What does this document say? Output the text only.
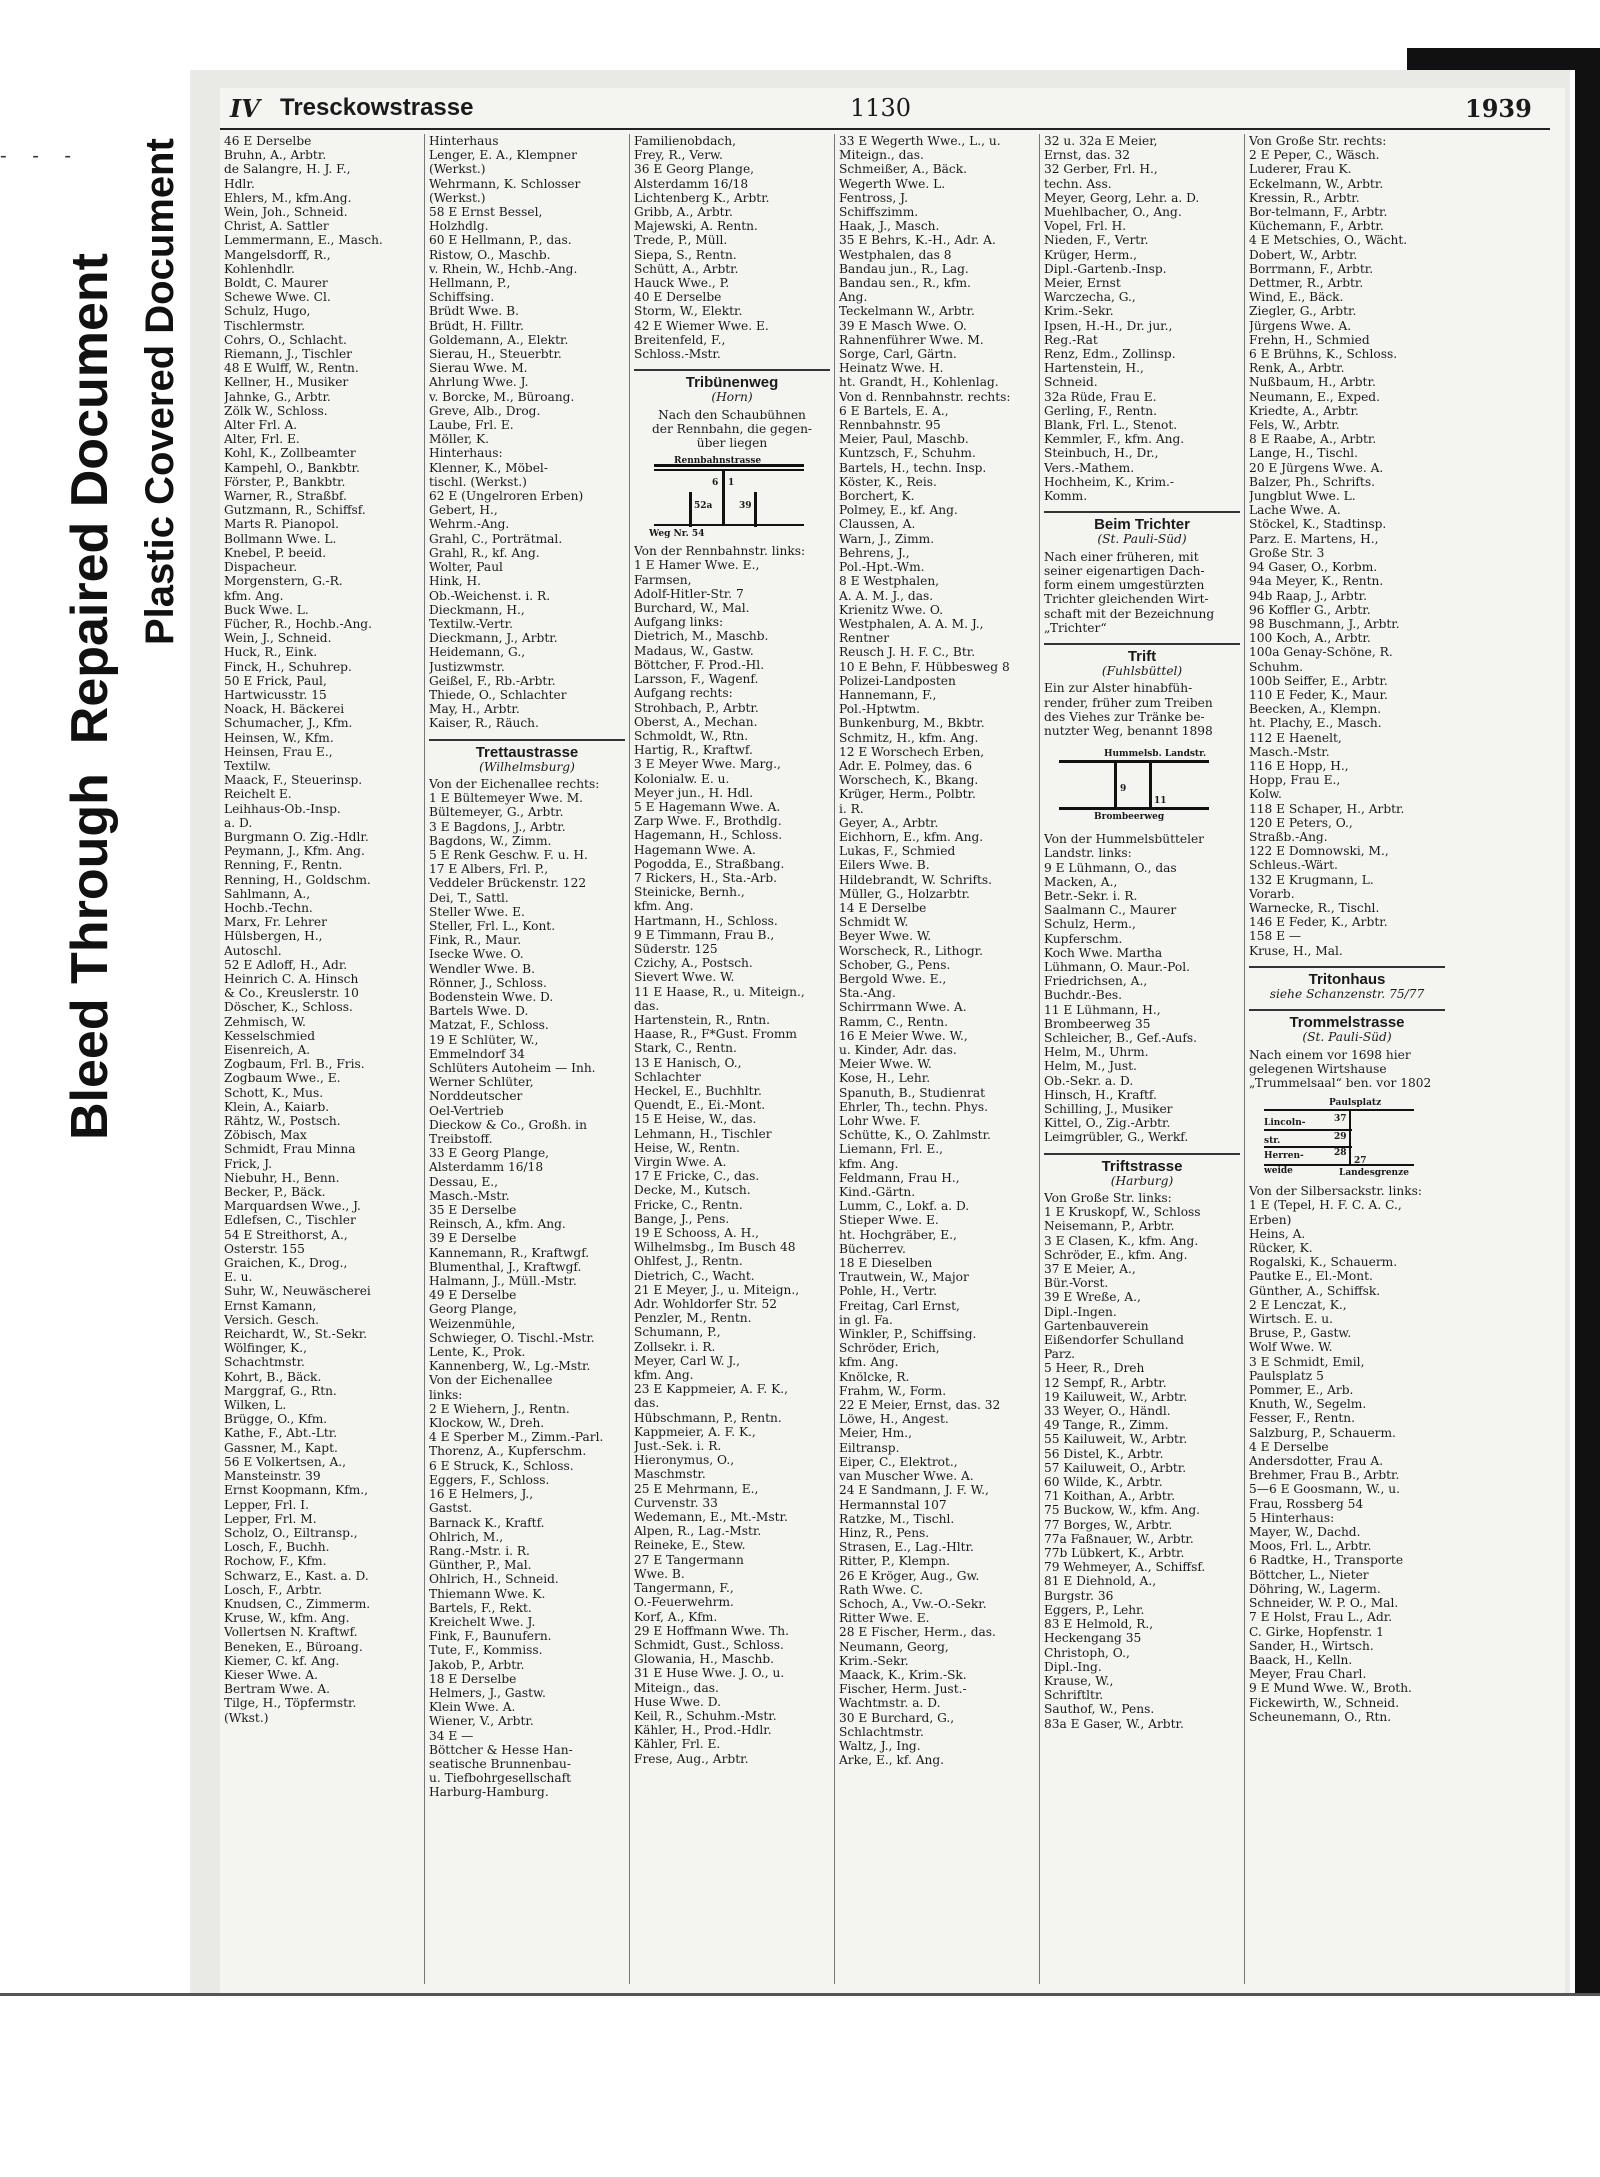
- - -
Bleed Through  Repaired Document Plastic Covered Document
IV Tresckowstrasse	1130	1939
46 E Derselbe
Bruhn, A., Arbtr.
de Salangre, H. J. F.,
Hdlr.
Ehlers, M., kfm.Ang.
Wein, Joh., Schneid.
Christ, A. Sattler
Lemmermann, E., Masch.
Mangelsdorff, R.,
Kohlenhdlr.
Boldt, C. Maurer
Schewe Wwe. Cl.
Schulz, Hugo,
Tischlermstr.
Cohrs, O., Schlacht.
Riemann, J., Tischler
48 E Wulff, W., Rentn.
Kellner, H., Musiker
Jahnke, G., Arbtr.
Zölk W., Schloss.
Alter Frl. A.
Alter, Frl. E.
Kohl, K., Zollbeamter
Kampehl, O., Bankbtr.
Förster, P., Bankbtr.
Warner, R., Straßbf.
Gutzmann, R., Schiffsf.
Marts R. Pianopol.
Bollmann Wwe. L.
Knebel, P. beeid.
Dispacheur.
Morgenstern, G.-R.
kfm. Ang.
Buck Wwe. L.
Fücher, R., Hochb.-Ang.
Wein, J., Schneid.
Huck, R., Eink.
Finck, H., Schuhrep.
50 E Frick, Paul,
Hartwicusstr. 15
Noack, H. Bäckerei
Schumacher, J., Kfm.
Heinsen, W., Kfm.
Heinsen, Frau E.,
Textilw.
Maack, F., Steuerinsp.
Reichelt E.
Leihhaus-Ob.-Insp.
a. D.
Burgmann O. Zig.-Hdlr.
Peymann, J., Kfm. Ang.
Renning, F., Rentn.
Renning, H., Goldschm.
Sahlmann, A.,
Hochb.-Techn.
Marx, Fr. Lehrer
Hülsbergen, H.,
Autoschl.
52 E Adloff, H., Adr.
Heinrich C. A. Hinsch
& Co., Kreuslerstr. 10
Döscher, K., Schloss.
Zehmisch, W.
Kesselschmied
Eisenreich, A.
Zogbaum, Frl. B., Fris.
Zogbaum Wwe., E.
Schott, K., Mus.
Klein, A., Kaiarb.
Rähtz, W., Postsch.
Zöbisch, Max
Schmidt, Frau Minna
Frick, J.
Niebuhr, H., Benn.
Becker, P., Bäck.
Marquardsen Wwe., J.
Edlefsen, C., Tischler
54 E Streithorst, A.,
Osterstr. 155
Graichen, K., Drog.,
E. u.
Suhr, W., Neuwäscherei
Ernst Kamann,
Versich. Gesch.
Reichardt, W., St.-Sekr.
Wölfinger, K.,
Schachtmstr.
Kohrt, B., Bäck.
Marggraf, G., Rtn.
Wilken, L.
Brügge, O., Kfm.
Kathe, F., Abt.-Ltr.
Gassner, M., Kapt.
56 E Volkertsen, A.,
Mansteinstr. 39
Ernst Koopmann, Kfm.,
Lepper, Frl. I.
Lepper, Frl. M.
Scholz, O., Eiltransp.,
Losch, F., Buchh.
Rochow, F., Kfm.
Schwarz, E., Kast. a. D.
Losch, F., Arbtr.
Knudsen, C., Zimmerm.
Kruse, W., kfm. Ang.
Vollertsen N. Kraftwf.
Beneken, E., Büroang.
Kiemer, C. kf. Ang.
Kieser Wwe. A.
Bertram Wwe. A.
Tilge, H., Töpfermstr.
(Wkst.)
Hinterhaus
Lenger, E. A., Klempner
(Werkst.)
Wehrmann, K. Schlosser
(Werkst.)
58 E Ernst Bessel,
Holzhdlg.
60 E Hellmann, P., das.
Ristow, O., Maschb.
v. Rhein, W., Hchb.-Ang.
Hellmann, P.,
Schiffsing.
Brüdt Wwe. B.
Brüdt, H. Filltr.
Goldemann, A., Elektr.
Sierau, H., Steuerbtr.
Sierau Wwe. M.
Ahrlung Wwe. J.
v. Borcke, M., Büroang.
Greve, Alb., Drog.
Laube, Frl. E.
Möller, K.
Hinterhaus:
Klenner, K., Möbel-
tischl. (Werkst.)
62 E (Ungelroren Erben)
Gebert, H.,
Wehrm.-Ang.
Grahl, C., Porträtmal.
Grahl, R., kf. Ang.
Wolter, Paul
Hink, H.
Ob.-Weichenst. i. R.
Dieckmann, H.,
Textilw.-Vertr.
Dieckmann, J., Arbtr.
Heidemann, G.,
Justizwmstr.
Geißel, F., Rb.-Arbtr.
Thiede, O., Schlachter
May, H., Arbtr.
Kaiser, R., Räuch.
Trettaustrasse
(Wilhelmsburg)
Von der Eichenallee rechts:
1 E Bültemeyer Wwe. M.
Bültemeyer, G., Arbtr.
3 E Bagdons, J., Arbtr.
Bagdons, W., Zimm.
5 E Renk Geschw. F. u. H.
17 E Albers, Frl. P.,
Veddeler Brückenstr. 122
Dei, T., Sattl.
Steller Wwe. E.
Steller, Frl. L., Kont.
Fink, R., Maur.
Isecke Wwe. O.
Wendler Wwe. B.
Rönner, J., Schloss.
Bodenstein Wwe. D.
Bartels Wwe. D.
Matzat, F., Schloss.
19 E Schlüter, W.,
Emmelndorf 34
Schlüters Autoheim — Inh.
Werner Schlüter,
Norddeutscher
Oel-Vertrieb
Dieckow & Co., Großh. in
Treibstoff.
33 E Georg Plange,
Alsterdamm 16/18
Dessau, E.,
Masch.-Mstr.
35 E Derselbe
Reinsch, A., kfm. Ang.
39 E Derselbe
Kannemann, R., Kraftwgf.
Blumenthal, J., Kraftwgf.
Halmann, J., Müll.-Mstr.
49 E Derselbe
Georg Plange,
Weizenmühle,
Schwieger, O. Tischl.-Mstr.
Lente, K., Prok.
Kannenberg, W., Lg.-Mstr.
Von der Eichenallee
links:
2 E Wiehern, J., Rentn.
Klockow, W., Dreh.
4 E Sperber M., Zimm.-Parl.
Thorenz, A., Kupferschm.
6 E Struck, K., Schloss.
Eggers, F., Schloss.
16 E Helmers, J.,
Gastst.
Barnack K., Kraftf.
Ohlrich, M.,
Rang.-Mstr. i. R.
Günther, P., Mal.
Ohlrich, H., Schneid.
Thiemann Wwe. K.
Bartels, F., Rekt.
Kreichelt Wwe. J.
Fink, F., Baunufern.
Tute, F., Kommiss.
Jakob, P., Arbtr.
18 E Derselbe
Helmers, J., Gastw.
Klein Wwe. A.
Wiener, V., Arbtr.
34 E —
Böttcher & Hesse Han-
seatische Brunnenbau-
u. Tiefbohrgesellschaft
Harburg-Hamburg.
Familienobdach,
Frey, R., Verw.
36 E Georg Plange,
Alsterdamm 16/18
Lichtenberg K., Arbtr.
Gribb, A., Arbtr.
Majewski, A. Rentn.
Trede, P., Müll.
Siepa, S., Rentn.
Schütt, A., Arbtr.
Hauck Wwe., P.
40 E Derselbe
Storm, W., Elektr.
42 E Wiemer Wwe. E.
Breitenfeld, F.,
Schloss.-Mstr.
Tribünenweg
(Horn)
Nach den Schaubühnen
der Rennbahn, die gegen-
über liegen
Rennbahnstrasse
Weg Nr. 54
6 1
52a	39
Von der Rennbahnstr. links:
1 E Hamer Wwe. E.,
Farmsen,
Adolf-Hitler-Str. 7
Burchard, W., Mal.
Aufgang links:
Dietrich, M., Maschb.
Madaus, W., Gastw.
Böttcher, F. Prod.-Hl.
Larsson, F., Wagenf.
Aufgang rechts:
Strohbach, P., Arbtr.
Oberst, A., Mechan.
Schmoldt, W., Rtn.
Hartig, R., Kraftwf.
3 E Meyer Wwe. Marg.,
Kolonialw. E. u.
Meyer jun., H. Hdl.
5 E Hagemann Wwe. A.
Zarp Wwe. F., Brothdlg.
Hagemann, H., Schloss.
Hagemann Wwe. A.
Pogodda, E., Straßbang.
7 Rickers, H., Sta.-Arb.
Steinicke, Bernh.,
kfm. Ang.
Hartmann, H., Schloss.
9 E Timmann, Frau B.,
Süderstr. 125
Czichy, A., Postsch.
Sievert Wwe. W.
11 E Haase, R., u. Miteign.,
das.
Hartenstein, R., Rntn.
Haase, R., F*Gust. Fromm
Stark, C., Rentn.
13 E Hanisch, O.,
Schlachter
Heckel, E., Buchhltr.
Quendt, E., Ei.-Mont.
15 E Heise, W., das.
Lehmann, H., Tischler
Heise, W., Rentn.
Virgin Wwe. A.
17 E Fricke, C., das.
Decke, M., Kutsch.
Fricke, C., Rentn.
Bange, J., Pens.
19 E Schooss, A. H.,
Wilhelmsbg., Im Busch 48
Ohlfest, J., Rentn.
Dietrich, C., Wacht.
21 E Meyer, J., u. Miteign.,
Adr. Wohldorfer Str. 52
Penzler, M., Rentn.
Schumann, P.,
Zollsekr. i. R.
Meyer, Carl W. J.,
kfm. Ang.
23 E Kappmeier, A. F. K.,
das.
Hübschmann, P., Rentn.
Kappmeier, A. F. K.,
Just.-Sek. i. R.
Hieronymus, O.,
Maschmstr.
25 E Mehrmann, E.,
Curvenstr. 33
Wedemann, E., Mt.-Mstr.
Alpen, R., Lag.-Mstr.
Reineke, E., Stew.
27 E Tangermann
Wwe. B.
Tangermann, F.,
O.-Feuerwehrm.
Korf, A., Kfm.
29 E Hoffmann Wwe. Th.
Schmidt, Gust., Schloss.
Glowania, H., Maschb.
31 E Huse Wwe. J. O., u.
Miteign., das.
Huse Wwe. D.
Keil, R., Schuhm.-Mstr.
Kähler, H., Prod.-Hdlr.
Kähler, Frl. E.
Frese, Aug., Arbtr.
33 E Wegerth Wwe., L., u.
Miteign., das.
Schmeißer, A., Bäck.
Wegerth Wwe. L.
Fentross, J.
Schiffszimm.
Haak, J., Masch.
35 E Behrs, K.-H., Adr. A.
Westphalen, das 8
Bandau jun., R., Lag.
Bandau sen., R., kfm.
Ang.
Teckelmann W., Arbtr.
39 E Masch Wwe. O.
Rahnenführer Wwe. M.
Sorge, Carl, Gärtn.
Heinatz Wwe. H.
ht. Grandt, H., Kohlenlag.
Von d. Rennbahnstr. rechts:
6 E Bartels, E. A.,
Rennbahnstr. 95
Meier, Paul, Maschb.
Kuntzsch, F., Schuhm.
Bartels, H., techn. Insp.
Köster, K., Reis.
Borchert, K.
Polmey, E., kf. Ang.
Claussen, A.
Warn, J., Zimm.
Behrens, J.,
Pol.-Hpt.-Wm.
8 E Westphalen,
A. A. M. J., das.
Krienitz Wwe. O.
Westphalen, A. A. M. J.,
Rentner
Reusch J. H. F. C., Btr.
10 E Behn, F. Hübbesweg 8
Polizei-Landposten
Hannemann, F.,
Pol.-Hptwtm.
Bunkenburg, M., Bkbtr.
Schmitz, H., kfm. Ang.
12 E Worschech Erben,
Adr. E. Polmey, das. 6
Worschech, K., Bkang.
Krüger, Herm., Polbtr.
i. R.
Geyer, A., Arbtr.
Eichhorn, E., kfm. Ang.
Lukas, F., Schmied
Eilers Wwe. B.
Hildebrandt, W. Schrifts.
Müller, G., Holzarbtr.
14 E Derselbe
Schmidt W.
Beyer Wwe. W.
Worscheck, R., Lithogr.
Schober, G., Pens.
Bergold Wwe. E.,
Sta.-Ang.
Schirrmann Wwe. A.
Ramm, C., Rentn.
16 E Meier Wwe. W.,
u. Kinder, Adr. das.
Meier Wwe. W.
Kose, H., Lehr.
Spanuth, B., Studienrat
Ehrler, Th., techn. Phys.
Lohr Wwe. F.
Schütte, K., O. Zahlmstr.
Liemann, Frl. E.,
kfm. Ang.
Feldmann, Frau H.,
Kind.-Gärtn.
Lumm, C., Lokf. a. D.
Stieper Wwe. E.
ht. Hochgräber, E.,
Bücherrev.
18 E Dieselben
Trautwein, W., Major
Pohle, H., Vertr.
Freitag, Carl Ernst,
in gl. Fa.
Winkler, P., Schiffsing.
Schröder, Erich,
kfm. Ang.
Knölcke, R.
Frahm, W., Form.
22 E Meier, Ernst, das. 32
Löwe, H., Angest.
Meier, Hm.,
Eiltransp.
Eiper, C., Elektrot.,
van Muscher Wwe. A.
24 E Sandmann, J. F. W.,
Hermannstal 107
Ratzke, M., Tischl.
Hinz, R., Pens.
Strasen, E., Lag.-Hltr.
Ritter, P., Klempn.
26 E Kröger, Aug., Gw.
Rath Wwe. C.
Schoch, A., Vw.-O.-Sekr.
Ritter Wwe. E.
28 E Fischer, Herm., das.
Neumann, Georg,
Krim.-Sekr.
Maack, K., Krim.-Sk.
Fischer, Herm. Just.-
Wachtmstr. a. D.
30 E Burchard, G.,
Schlachtmstr.
Waltz, J., Ing.
Arke, E., kf. Ang.
32 u. 32a E Meier,
Ernst, das. 32
32 Gerber, Frl. H.,
techn. Ass.
Meyer, Georg, Lehr. a. D.
Muehlbacher, O., Ang.
Vopel, Frl. H.
Nieden, F., Vertr.
Krüger, Herm.,
Dipl.-Gartenb.-Insp.
Meier, Ernst
Warczecha, G.,
Krim.-Sekr.
Ipsen, H.-H., Dr. jur.,
Reg.-Rat
Renz, Edm., Zollinsp.
Hartenstein, H.,
Schneid.
32a Rüde, Frau E.
Gerling, F., Rentn.
Blank, Frl. L., Stenot.
Kemmler, F., kfm. Ang.
Steinbuch, H., Dr.,
Vers.-Mathem.
Hochheim, K., Krim.-
Komm.
Beim Trichter
(St. Pauli-Süd)
Nach einer früheren, mit
seiner eigenartigen Dach-
form einem umgestürzten
Trichter gleichenden Wirt-
schaft mit der Bezeichnung
„Trichter“
Trift
(Fuhlsbüttel)
Ein zur Alster hinabfüh-
render, früher zum Treiben
des Viehes zur Tränke be-
nutzter Weg, benannt 1898
Hummelsb. Landstr.
Brombeerweg
9
11
Von der Hummelsbütteler
Landstr. links:
9 E Lühmann, O., das
Macken, A.,
Betr.-Sekr. i. R.
Saalmann C., Maurer
Schulz, Herm.,
Kupferschm.
Koch Wwe. Martha
Lühmann, O. Maur.-Pol.
Friedrichsen, A.,
Buchdr.-Bes.
11 E Lühmann, H.,
Brombeerweg 35
Schleicher, B., Gef.-Aufs.
Helm, M., Uhrm.
Helm, M., Just.
Ob.-Sekr. a. D.
Hinsch, H., Kraftf.
Schilling, J., Musiker
Kittel, O., Zig.-Arbtr.
Leimgrübler, G., Werkf.
Triftstrasse
(Harburg)
Von Große Str. links:
1 E Kruskopf, W., Schloss
Neisemann, P., Arbtr.
3 E Clasen, K., kfm. Ang.
Schröder, E., kfm. Ang.
37 E Meier, A.,
Bür.-Vorst.
39 E Wreße, A.,
Dipl.-Ingen.
Gartenbauverein
Eißendorfer Schulland
Parz.
5 Heer, R., Dreh
12 Sempf, R., Arbtr.
19 Kailuweit, W., Arbtr.
33 Weyer, O., Händl.
49 Tange, R., Zimm.
55 Kailuweit, W., Arbtr.
56 Distel, K., Arbtr.
57 Kailuweit, O., Arbtr.
60 Wilde, K., Arbtr.
71 Koithan, A., Arbtr.
75 Buckow, W., kfm. Ang.
77 Borges, W., Arbtr.
77a Faßnauer, W., Arbtr.
77b Lübkert, K., Arbtr.
79 Wehmeyer, A., Schiffsf.
81 E Diehnold, A.,
Burgstr. 36
Eggers, P., Lehr.
83 E Helmold, R.,
Heckengang 35
Christoph, O.,
Dipl.-Ing.
Krause, W.,
Schriftltr.
Sauthof, W., Pens.
83a E Gaser, W., Arbtr.
Von Große Str. rechts:
2 E Peper, C., Wäsch.
Luderer, Frau K.
Eckelmann, W., Arbtr.
Kressin, R., Arbtr.
Bor-telmann, F., Arbtr.
Küchemann, F., Arbtr.
4 E Metschies, O., Wächt.
Dobert, W., Arbtr.
Borrmann, F., Arbtr.
Dettmer, R., Arbtr.
Wind, E., Bäck.
Ziegler, G., Arbtr.
Jürgens Wwe. A.
Frehn, H., Schmied
6 E Brühns, K., Schloss.
Renk, A., Arbtr.
Nußbaum, H., Arbtr.
Neumann, E., Exped.
Kriedte, A., Arbtr.
Fels, W., Arbtr.
8 E Raabe, A., Arbtr.
Lange, H., Tischl.
20 E Jürgens Wwe. A.
Balzer, Ph., Schrifts.
Jungblut Wwe. L.
Lache Wwe. A.
Stöckel, K., Stadtinsp.
Parz. E. Martens, H.,
Große Str. 3
94 Gaser, O., Korbm.
94a Meyer, K., Rentn.
94b Raap, J., Arbtr.
96 Koffler G., Arbtr.
98 Buschmann, J., Arbtr.
100 Koch, A., Arbtr.
100a Genay-Schöne, R.
Schuhm.
100b Seiffer, E., Arbtr.
110 E Feder, K., Maur.
Beecken, A., Klempn.
ht. Plachy, E., Masch.
112 E Haenelt,
Masch.-Mstr.
116 E Hopp, H.,
Hopp, Frau E.,
Kolw.
118 E Schaper, H., Arbtr.
120 E Peters, O.,
Straßb.-Ang.
122 E Domnowski, M.,
Schleus.-Wärt.
132 E Krugmann, L.
Vorarb.
Warnecke, R., Tischl.
146 E Feder, K., Arbtr.
158 E —
Kruse, H., Mal.
Tritonhaus
siehe Schanzenstr. 75/77
Trommelstrasse
(St. Pauli-Süd)
Nach einem vor 1698 hier
gelegenen Wirtshause
„Trummelsaal“ ben. vor 1802
Paulsplatz
Lincoln-
str.
Herren-
weide	Landesgrenze
37
29
28
27
Von der Silbersackstr. links:
1 E (Tepel, H. F. C. A. C.,
Erben)
Heins, A.
Rücker, K.
Rogalski, K., Schauerm.
Pautke E., El.-Mont.
Günther, A., Schiffsk.
2 E Lenczat, K.,
Wirtsch. E. u.
Bruse, P., Gastw.
Wolf Wwe. W.
3 E Schmidt, Emil,
Paulsplatz 5
Pommer, E., Arb.
Knuth, W., Segelm.
Fesser, F., Rentn.
Salzburg, P., Schauerm.
4 E Derselbe
Andersdotter, Frau A.
Brehmer, Frau B., Arbtr.
5—6 E Goosmann, W., u.
Frau, Rossberg 54
5 Hinterhaus:
Mayer, W., Dachd.
Moos, Frl. L., Arbtr.
6 Radtke, H., Transporte
Böttcher, L., Nieter
Döhring, W., Lagerm.
Schneider, W. P. O., Mal.
7 E Holst, Frau L., Adr.
C. Girke, Hopfenstr. 1
Sander, H., Wirtsch.
Baack, H., Kelln.
Meyer, Frau Charl.
9 E Mund Wwe. W., Broth.
Fickewirth, W., Schneid.
Scheunemann, O., Rtn.
